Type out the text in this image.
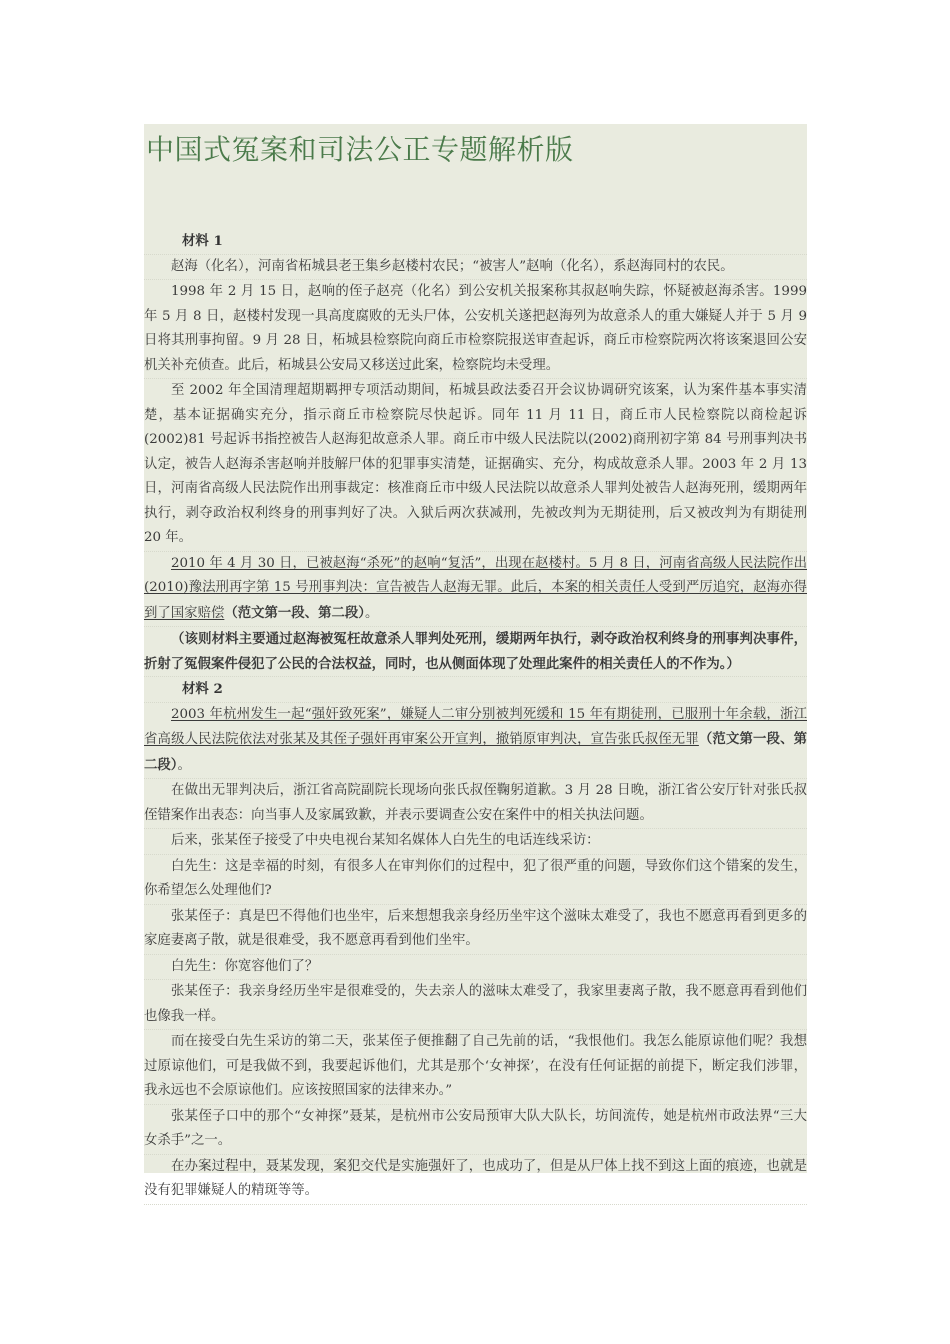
中国式冤案和司法公正专题解析版

材料 1

赵海（化名），河南省柘城县老王集乡赵楼村农民；“被害人”赵响（化名），系赵海同村的农民。

1998 年 2 月 15 日，赵响的侄子赵亮（化名）到公安机关报案称其叔赵响失踪，怀疑被赵海杀害。1999 年 5 月 8 日，赵楼村发现一具高度腐败的无头尸体，公安机关遂把赵海列为故意杀人的重大嫌疑人并于 5 月 9 日将其刑事拘留。9 月 28 日，柘城县检察院向商丘市检察院报送审查起诉，商丘市检察院两次将该案退回公安机关补充侦查。此后，柘城县公安局又移送过此案，检察院均未受理。

至 2002 年全国清理超期羁押专项活动期间，柘城县政法委召开会议协调研究该案，认为案件基本事实清楚，基本证据确实充分，指示商丘市检察院尽快起诉。同年 11 月 11 日，商丘市人民检察院以商检起诉(2002)81 号起诉书指控被告人赵海犯故意杀人罪。商丘市中级人民法院以(2002)商刑初字第 84 号刑事判决书认定，被告人赵海杀害赵响并肢解尸体的犯罪事实清楚，证据确实、充分，构成故意杀人罪。2003 年 2 月 13 日，河南省高级人民法院作出刑事裁定：核准商丘市中级人民法院以故意杀人罪判处被告人赵海死刑，缓期两年执行，剥夺政治权利终身的刑事判好了决。入狱后两次获减刑，先被改判为无期徒刑，后又被改判为有期徒刑 20 年。

2010 年 4 月 30 日，已被赵海“杀死”的赵响“复活”，出现在赵楼村。5 月 8 日，河南省高级人民法院作出(2010)豫法刑再字第 15 号刑事判决：宣告被告人赵海无罪。此后，本案的相关责任人受到严厉追究，赵海亦得到了国家赔偿（范文第一段、第二段）。

（该则材料主要通过赵海被冤枉故意杀人罪判处死刑，缓期两年执行，剥夺政治权利终身的刑事判决事件，折射了冤假案件侵犯了公民的合法权益，同时，也从侧面体现了处理此案件的相关责任人的不作为。）

材料 2

2003 年杭州发生一起“强奸致死案”，嫌疑人二审分别被判死缓和 15 年有期徒刑，已服刑十年余载，浙江省高级人民法院依法对张某及其侄子强奸再审案公开宣判，撤销原审判决，宣告张氏叔侄无罪（范文第一段、第二段）。

在做出无罪判决后，浙江省高院副院长现场向张氏叔侄鞠躬道歉。3 月 28 日晚，浙江省公安厅针对张氏叔侄错案作出表态：向当事人及家属致歉，并表示要调查公安在案件中的相关执法问题。

后来，张某侄子接受了中央电视台某知名媒体人白先生的电话连线采访：

白先生：这是幸福的时刻，有很多人在审判你们的过程中，犯了很严重的问题，导致你们这个错案的发生，你希望怎么处理他们?

张某侄子：真是巴不得他们也坐牢，后来想想我亲身经历坐牢这个滋味太难受了，我也不愿意再看到更多的家庭妻离子散，就是很难受，我不愿意再看到他们坐牢。

白先生：你宽容他们了？

张某侄子：我亲身经历坐牢是很难受的，失去亲人的滋味太难受了，我家里妻离子散，我不愿意再看到他们也像我一样。

而在接受白先生采访的第二天，张某侄子便推翻了自己先前的话，“我恨他们。我怎么能原谅他们呢？我想过原谅他们，可是我做不到，我要起诉他们，尤其是那个‘女神探’，在没有任何证据的前提下，断定我们涉罪，我永远也不会原谅他们。应该按照国家的法律来办。”

张某侄子口中的那个“女神探”聂某，是杭州市公安局预审大队大队长，坊间流传，她是杭州市政法界“三大女杀手”之一。

在办案过程中，聂某发现，案犯交代是实施强奸了，也成功了，但是从尸体上找不到这上面的痕迹，也就是没有犯罪嫌疑人的精斑等等。
